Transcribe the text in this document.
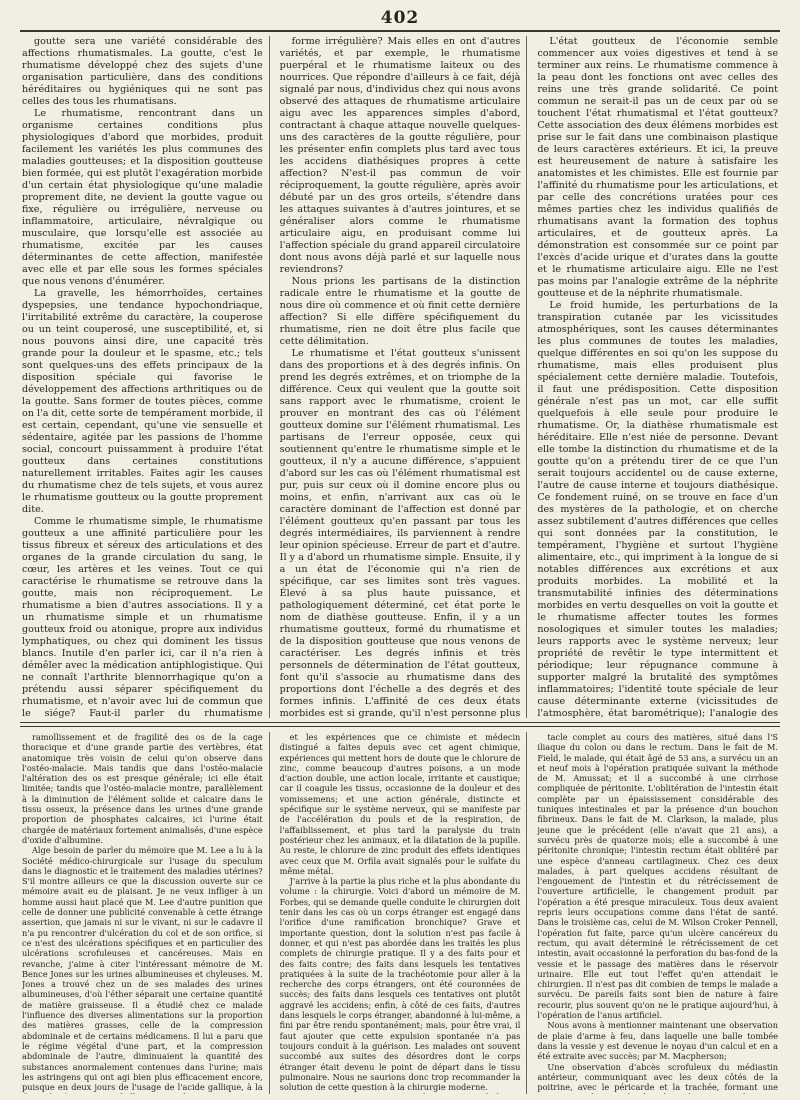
402

goutte sera une variété considérable des affections rhumatismales. La goutte, c'est le rhumatisme développé chez des sujets d'une organisation particulière, dans des conditions héréditaires ou hygiéniques qui ne sont pas celles des tous les rhumatisans.

Le rhumatisme, rencontrant dans un organisme certaines conditions plus physiologiques d'abord que morbides, produit facilement les variétés les plus communes des maladies goutteuses; et la disposition goutteuse bien formée, qui est plutôt l'exagération morbide d'un certain état physiologique qu'une maladie proprement dite, ne devient la goutte vague ou fixe, régulière ou irrégulière, nerveuse ou inflammatoire, articulaire, névralgique ou musculaire, que lorsqu'elle est associée au rhumatisme, excitée par les causes déterminantes de cette affection, manifestée avec elle et par elle sous les formes spéciales que nous venons d'énumérer.

La gravelle, les hémorrhoïdes, certaines dyspepsies, une tendance hypochondriaque, l'irritabilité extrême du caractère, la couperose ou un teint couperosé, une susceptibilité, et, si nous pouvons ainsi dire, une capacité très grande pour la douleur et le spasme, etc.; tels sont quelques-uns des effets principaux de la disposition spéciale qui favorise le développement des affections arthritiques ou de la goutte. Sans former de toutes pièces, comme on l'a dit, cette sorte de tempérament morbide, il est certain, cependant, qu'une vie sensuelle et sédentaire, agitée par les passions de l'homme social, concourt puissamment à produire l'état goutteux dans certaines constitutions naturellement irritables. Faites agir les causes du rhumatisme chez de tels sujets, et vous aurez le rhumatisme goutteux ou la goutte proprement dite.

Comme le rhumatisme simple, le rhumatisme goutteux a une affinité particulière pour les tissus fibreux et séreux des articulations et des organes de la grande circulation du sang, le cœur, les artères et les veines. Tout ce qui caractérise le rhumatisme se retrouve dans la goutte, mais non réciproquement. Le rhumatisme a bien d'autres associations. Il y a un rhumatisme simple et un rhumatisme goutteux froid ou atonique, propre aux individus lymphatiques, ou chez qui dominent les tissus blancs. Inutile d'en parler ici, car il n'a rien à démêler avec la médication antiphlogistique. Qui ne connaît l'arthrite blennorrhagique qu'on a prétendu aussi séparer spécifiquement du rhumatisme, et n'avoir avec lui de commun que le siége? Faut-il parler du rhumatisme

forme irrégulière? Mais elles en ont d'autres variétés, et par exemple, le rhumatisme puerpéral et le rhumatisme laiteux ou des nourrices. Que répondre d'ailleurs à ce fait, déjà signalé par nous, d'individus chez qui nous avons observé des attaques de rhumatisme articulaire aigu avec les apparences simples d'abord, contractant à chaque attaque nouvelle quelques-uns des caractères de la goutte régulière, pour les présenter enfin complets plus tard avec tous les accidens diathésiques propres à cette affection? N'est-il pas commun de voir réciproquement, la goutte régulière, après avoir débuté par un des gros orteils, s'étendre dans les attaques suivantes à d'autres jointures, et se généraliser alors comme le rhumatisme articulaire aigu, en produisant comme lui l'affection spéciale du grand appareil circulatoire dont nous avons déjà parlé et sur laquelle nous reviendrons?

Nous prions les partisans de la distinction radicale entre le rhumatisme et la goutte de nous dire où commence et où finit cette dernière affection? Si elle diffère spécifiquement du rhumatisme, rien ne doit être plus facile que cette délimitation.

Le rhumatisme et l'état goutteux s'unissent dans des proportions et à des degrés infinis. On prend les degrés extrêmes, et on triomphe de la différence. Ceux qui veulent que la goutte soit sans rapport avec le rhumatisme, croient le prouver en montrant des cas où l'élément goutteux domine sur l'élément rhumatismal. Les partisans de l'erreur opposée, ceux qui soutiennent qu'entre le rhumatisme simple et le goutteux, il n'y a aucune différence, s'appuient d'abord sur les cas où l'élément rhumatismal est pur, puis sur ceux où il domine encore plus ou moins, et enfin, n'arrivant aux cas où le caractère dominant de l'affection est donné par l'élément goutteux qu'en passant par tous les degrés intermédiaires, ils parviennent à rendre leur opinion spécieuse. Erreur de part et d'autre. Il y a d'abord un rhumatisme simple. Ensuite, il y a un état de l'économie qui n'a rien de spécifique, car ses limites sont très vagues. Élevé à sa plus haute puissance, et pathologiquement déterminé, cet état porte le nom de diathèse goutteuse. Enfin, il y a un rhumatisme goutteux, formé du rhumatisme et de la disposition goutteuse que nous venons de caractériser. Les degrés infinis et très personnels de détermination de l'état goutteux, font qu'il s'associe au rhumatisme dans des proportions dont l'échelle a des degrés et des formes infinis. L'affinité de ces deux états morbides est si grande, qu'il n'est personne plus

L'état goutteux de l'économie semble commencer aux voies digestives et tend à se terminer aux reins. Le rhumatisme commence à la peau dont les fonctions ont avec celles des reins une très grande solidarité. Ce point commun ne serait-il pas un de ceux par où se touchent l'état rhumatismal et l'état goutteux? Cette association des deux élémens morbides est prise sur le fait dans une combinaison plastique de leurs caractères extérieurs. Et ici, la preuve est heureusement de nature à satisfaire les anatomistes et les chimistes. Elle est fournie par l'affinité du rhumatisme pour les articulations, et par celle des concrétions uratées pour ces mêmes parties chez les individus qualifiés de rhumatisans avant la formation des tophus articulaires, et de goutteux après. La démonstration est consommée sur ce point par l'excès d'acide urique et d'urates dans la goutte et le rhumatisme articulaire aigu. Elle ne l'est pas moins par l'analogie extrême de la néphrite goutteuse et de la néphrite rhumatismale.

Le froid humide, les perturbations de la transpiration cutanée par les vicissitudes atmosphériques, sont les causes déterminantes les plus communes de toutes les maladies, quelque différentes en soi qu'on les suppose du rhumatisme, mais elles produisent plus spécialement cette dernière maladie. Toutefois, il faut une prédisposition. Cette disposition générale n'est pas un mot, car elle suffit quelquefois à elle seule pour produire le rhumatisme. Or, la diathèse rhumatismale est héréditaire. Elle n'est niée de personne. Devant elle tombe la distinction du rhumatisme et de la goutte qu'on a prétendu tirer de ce que l'un serait toujours accidentel ou de cause externe, l'autre de cause interne et toujours diathésique. Ce fondement ruiné, on se trouve en face d'un des mystères de la pathologie, et on cherche assez subtilement d'autres différences que celles qui sont données par la constitution, le tempérament, l'hygiène et surtout l'hygiène alimentaire, etc., qui impriment à la longue de si notables différences aux excrétions et aux produits morbides. La mobilité et la transmutabilité infinies des déterminations morbides en vertu desquelles on voit la goutte et le rhumatisme affecter toutes les formes nosologiques et simuler toutes les maladies; leurs rapports avec le système nerveux; leur propriété de revêtir le type intermittent et périodique; leur répugnance commune à supporter malgré la brutalité des symptômes inflammatoires; l'identité toute spéciale de leur cause déterminante externe (vicissitudes de l'atmosphère, état barométrique); l'analogie des

ramollissement et de fragilité des os de la cage thoracique et d'une grande partie des vertèbres, état anatomique très voisin de celui qu'on observe dans l'ostéo-malacie. Mais tandis que dans l'ostéo-malacie l'altération des os est presque générale; ici elle était limitée; tandis que l'ostéo-malacie montre, parallèlement à la diminution de l'élément solide et calcaire dans le tissu osseux, la présence dans les urines d'une grande proportion de phosphates calcaires, ici l'urine était chargée de matériaux fortement animalisés, d'une espèce d'oxide d'albumine.

Alge besoin de parler du mémoire que M. Lee a lu à la Société médico-chirurgicale sur l'usage du speculum dans le diagnostic et le traitement des maladies utérines? S'il montre ailleurs ce que la discussion ouverte sur ce mémoire avait eu de plaisant. Je ne veux infliger à un homme aussi haut placé que M. Lee d'autre punition que celle de donner une publicité convenable à cette étrange assertion, que jamais ni sur le vivant, ni sur le cadavre il n'a pu rencontrer d'ulcération du col et de son orifice, si ce n'est des ulcérations spécifiques et en particulier des ulcérations scrofuleuses et cancéreuses. Mais en revanche, j'aime à citer l'intéressant mémoire de M. Bence Jones sur les urines albumineuses et chyleuses. M. Jones a trouvé chez un de ses malades des urines albumineuses, d'où l'éther séparait une certaine quantité de matière graisseuse. Il a étudié chez ce malade l'influence des diverses alimentations sur la proportion des matières grasses, celle de la compression abdominale et de certains médicamens. Il lui a paru que le régime végétal d'une part, et la compression abdominale de l'autre, diminuaient la quantité des substances anormalement contenues dans l'urine; mais les astringens qui ont agi bien plus efficacement encore, puisque en deux jours de l'usage de l'acide gallique, à la

et les expériences que ce chimiste et médecin distingué a faites depuis avec cet agent chimique, expériences qui mettent hors de doute que le chlorure de zinc, comme beaucoup d'autres poisons, a un mode d'action double, une action locale, irritante et caustique; car il coagule les tissus, occasionne de la douleur et des vomissemens; et une action générale, distincte et spécifique sur le système nerveux, qui se manifeste par de l'accélération du pouls et de la respiration, de l'affaiblissement, et plus tard la paralysie du train postérieur chez les animaux, et la dilatation de la pupille. Au reste, le chlorure de zinc produit des effets identiques avec ceux que M. Orfila avait signalés pour le sulfate du même métal.

J'arrive à la partie la plus riche et la plus abondante du volume : la chirurgie. Voici d'abord un mémoire de M. Forbes, qui se demande quelle conduite le chirurgien doit tenir dans les cas où un corps étranger est engagé dans l'orifice d'une ramification bronchique? Grave et importante question, dont la solution n'est pas facile à donner, et qui n'est pas abordée dans les traités les plus complets de chirurgie pratique. Il y a des faits pour et des faits contre; des faits dans lesquels les tentatives pratiquées à la suite de la trachéotomie pour aller à la recherche des corps étrangers, ont été couronnées de succès; des faits dans lesquels ces tentatives ont plutôt aggravé les accidens; enfin, à côté de ces faits, d'autres dans lesquels le corps étranger, abandonné à lui-même, a fini par être rendu spontanément; mais, pour être vrai, il faut ajouter que cette expulsion spontanée n'a pas toujours conduit à la guérison. Les malades ont souvent succombé aux suites des désordres dont le corps étranger était devenu le point de départ dans le tissu pulmonaire. Nous ne saurions donc trop recommander la solution de cette question à la chirurgie moderne.

tacle complet au cours des matières, situé dans l'S iliaque du colon ou dans le rectum. Dans le fait de M. Field, le malade, qui était âgé de 53 ans, a survécu un an et neuf mois à l'opération pratiquée suivant la méthode de M. Amussat; et il a succombé à une cirrhose compliquée de péritonite. L'oblitération de l'intestin était complète par un épaississement considérable des tuniques intestinales et par la présence d'un bouchon fibrineux. Dans le fait de M. Clarkson, la malade, plus jeune que le précédent (elle n'avait que 21 ans), a survécu près de quatorze mois; elle a succombé à une péritonite chronique; l'intestin rectum était oblitéré par une espèce d'anneau cartilagineux. Chez ces deux malades, à part quelques accidens résultant de l'engouement de l'intestin et du rétrécissement de l'ouverture artificielle, le changement produit par l'opération a été presque miraculeux. Tous deux avaient repris leurs occupations comme dans l'état de santé. Dans le troisième cas, celui de M. Wilson Croker Pennell, l'opération fut faite, parce qu'un ulcère cancéreux du rectum, qui avait déterminé le rétrécissement de cet intestin, avait occasionné la perforation du bas-fond de la vessie et le passage des matières dans le réservoir urinaire. Elle eut tout l'effet qu'en attendait le chirurgien. Il n'est pas dit combien de temps le malade a survécu. De pareils faits sont bien de nature à faire recourir, plus souvent qu'on ne le pratique aujourd'hui, à l'opération de l'anus artificiel.

Nous avons à mentionner maintenant une observation de plaie d'arme à feu, dans laquelle une balle tombée dans la vessie y est devenue le noyau d'un calcul et en a été extraite avec succès; par M. Macpherson;

Une observation d'abcès scrofuleux du médiastin antérieur, communiquant avec les deux côtés de la poitrine, avec le péricarde et la trachée, formant une
